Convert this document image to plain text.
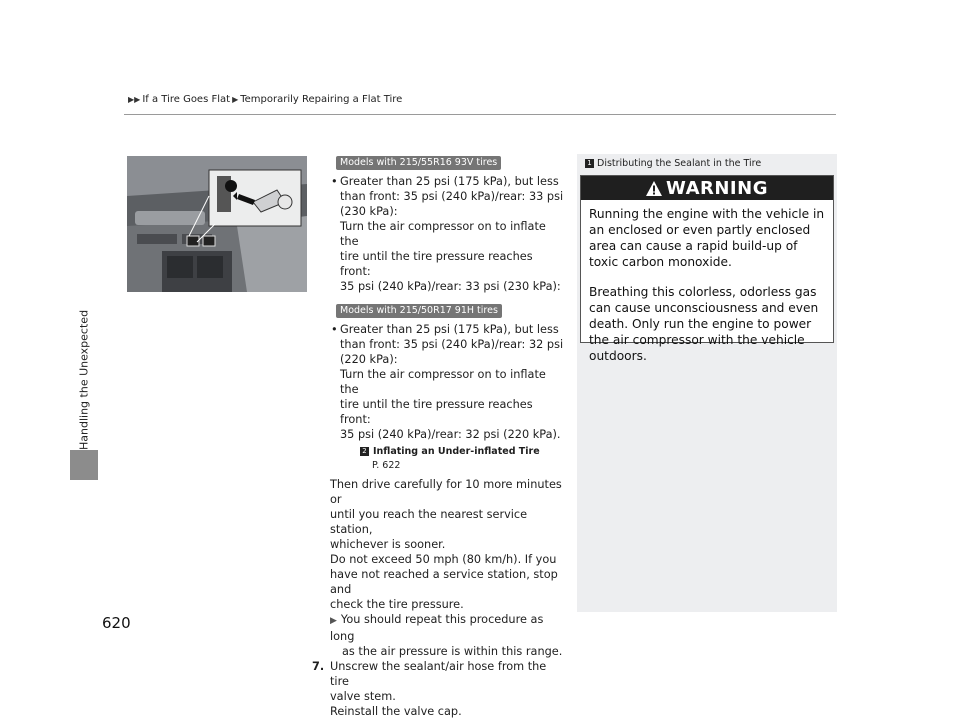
▶▶ If a Tire Goes Flat ▶ Temporarily Repairing a Flat Tire
Handling the Unexpected
620
Models with 215/55R16 93V tires
• Greater than 25 psi (175 kPa), but less
than front: 35 psi (240 kPa)/rear: 33 psi
(230 kPa):
Turn the air compressor on to inflate the
tire until the tire pressure reaches front:
35 psi (240 kPa)/rear: 33 psi (230 kPa):
Models with 215/50R17 91H tires
• Greater than 25 psi (175 kPa), but less
than front: 35 psi (240 kPa)/rear: 32 psi
(220 kPa):
Turn the air compressor on to inflate the
tire until the tire pressure reaches front:
35 psi (240 kPa)/rear: 32 psi (220 kPa).
2 Inflating an Under-inflated Tire
P. 622
Then drive carefully for 10 more minutes or
until you reach the nearest service station,
whichever is sooner.
Do not exceed 50 mph (80 km/h). If you
have not reached a service station, stop and
check the tire pressure.
▶ You should repeat this procedure as long
as the air pressure is within this range.
7. Unscrew the sealant/air hose from the tire
valve stem.
Reinstall the valve cap.
1 Distributing the Sealant in the Tire
WARNING

Running the engine with the vehicle in an enclosed or even partly enclosed area can cause a rapid build-up of toxic carbon monoxide.

Breathing this colorless, odorless gas can cause unconsciousness and even death. Only run the engine to power the air compressor with the vehicle outdoors.
